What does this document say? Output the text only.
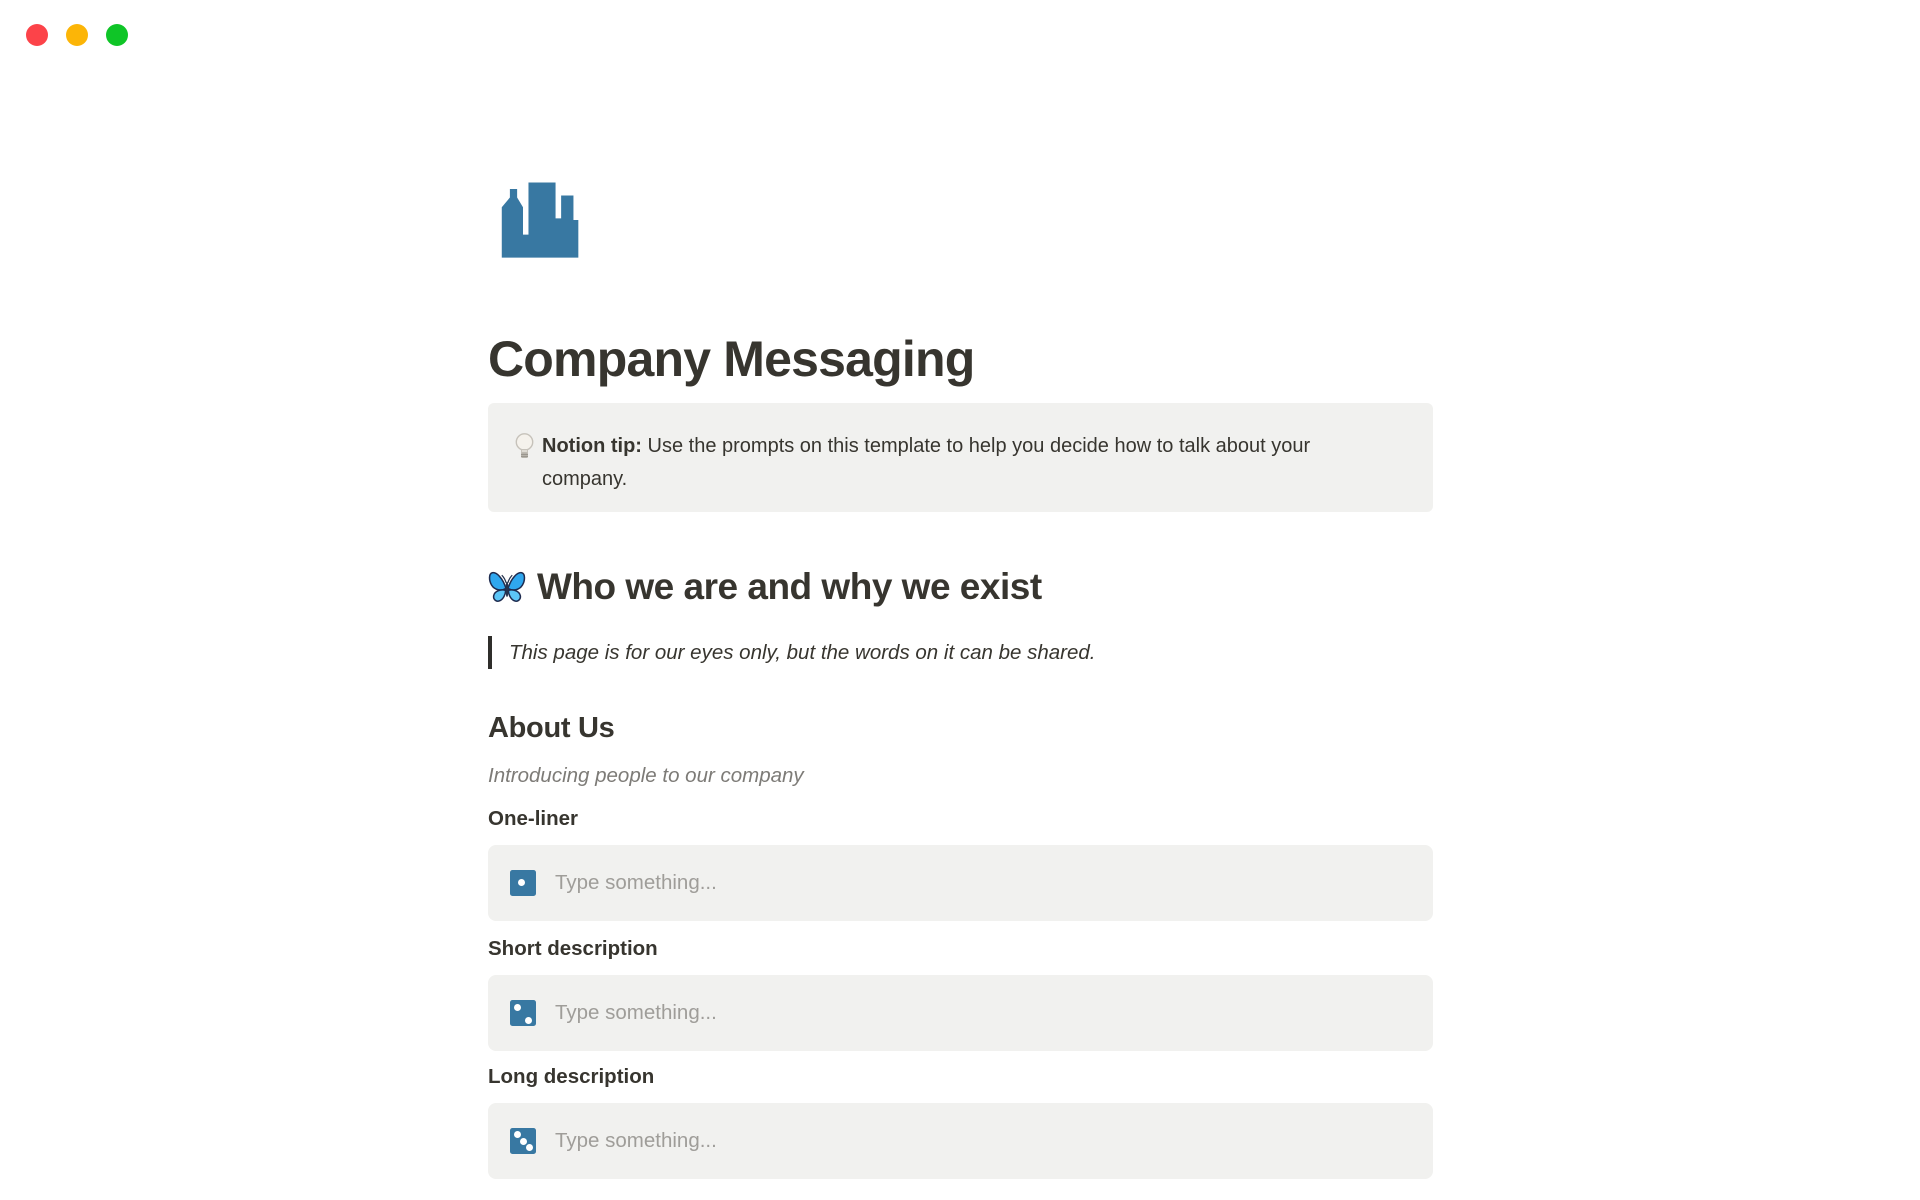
Company Messaging
Notion tip: Use the prompts on this template to help you decide how to talk about your company.
Who we are and why we exist
This page is for our eyes only, but the words on it can be shared.
About Us
Introducing people to our company
One-liner
Type something...
Short description
Type something...
Long description
Type something...
